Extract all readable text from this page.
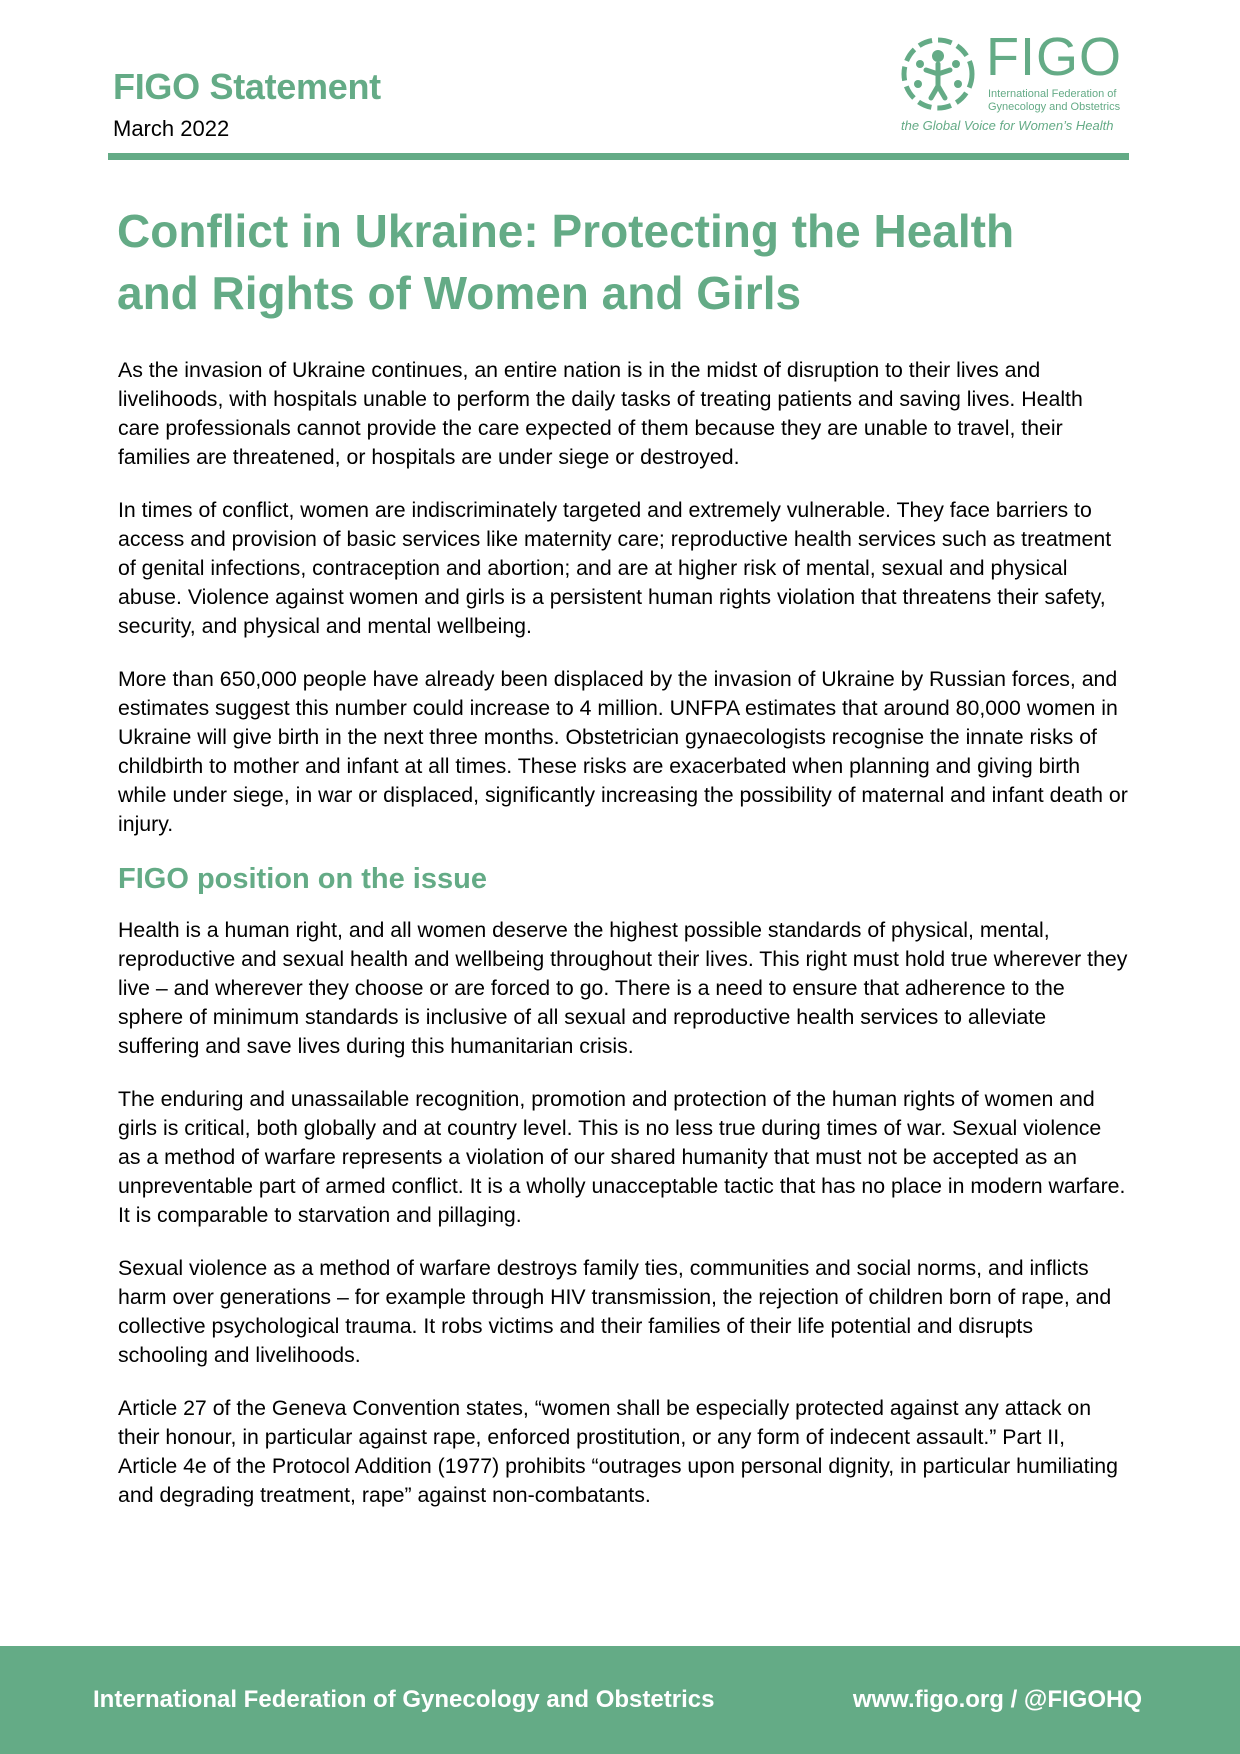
FIGO Statement

March 2022

FIGO
International Federation of
Gynecology and Obstetrics
the Global Voice for Women’s Health
Conflict in Ukraine: Protecting the Health
and Rights of Women and Girls

As the invasion of Ukraine continues, an entire nation is in the midst of disruption to their lives and livelihoods, with hospitals unable to perform the daily tasks of treating patients and saving lives. Health care professionals cannot provide the care expected of them because they are unable to travel, their families are threatened, or hospitals are under siege or destroyed.

In times of conflict, women are indiscriminately targeted and extremely vulnerable. They face barriers to access and provision of basic services like maternity care; reproductive health services such as treatment of genital infections, contraception and abortion; and are at higher risk of mental, sexual and physical abuse. Violence against women and girls is a persistent human rights violation that threatens their safety, security, and physical and mental wellbeing.

More than 650,000 people have already been displaced by the invasion of Ukraine by Russian forces, and estimates suggest this number could increase to 4 million. UNFPA estimates that around 80,000 women in Ukraine will give birth in the next three months. Obstetrician gynaecologists recognise the innate risks of childbirth to mother and infant at all times. These risks are exacerbated when planning and giving birth while under siege, in war or displaced, significantly increasing the possibility of maternal and infant death or injury.

FIGO position on the issue

Health is a human right, and all women deserve the highest possible standards of physical, mental, reproductive and sexual health and wellbeing throughout their lives. This right must hold true wherever they live – and wherever they choose or are forced to go. There is a need to ensure that adherence to the sphere of minimum standards is inclusive of all sexual and reproductive health services to alleviate suffering and save lives during this humanitarian crisis.

The enduring and unassailable recognition, promotion and protection of the human rights of women and girls is critical, both globally and at country level. This is no less true during times of war. Sexual violence as a method of warfare represents a violation of our shared humanity that must not be accepted as an unpreventable part of armed conflict. It is a wholly unacceptable tactic that has no place in modern warfare. It is comparable to starvation and pillaging.

Sexual violence as a method of warfare destroys family ties, communities and social norms, and inflicts harm over generations – for example through HIV transmission, the rejection of children born of rape, and collective psychological trauma. It robs victims and their families of their life potential and disrupts schooling and livelihoods.

Article 27 of the Geneva Convention states, “women shall be especially protected against any attack on their honour, in particular against rape, enforced prostitution, or any form of indecent assault.” Part II, Article 4e of the Protocol Addition (1977) prohibits “outrages upon personal dignity, in particular humiliating and degrading treatment, rape” against non-combatants.

International Federation of Gynecology and Obstetrics	www.figo.org / @FIGOHQ
